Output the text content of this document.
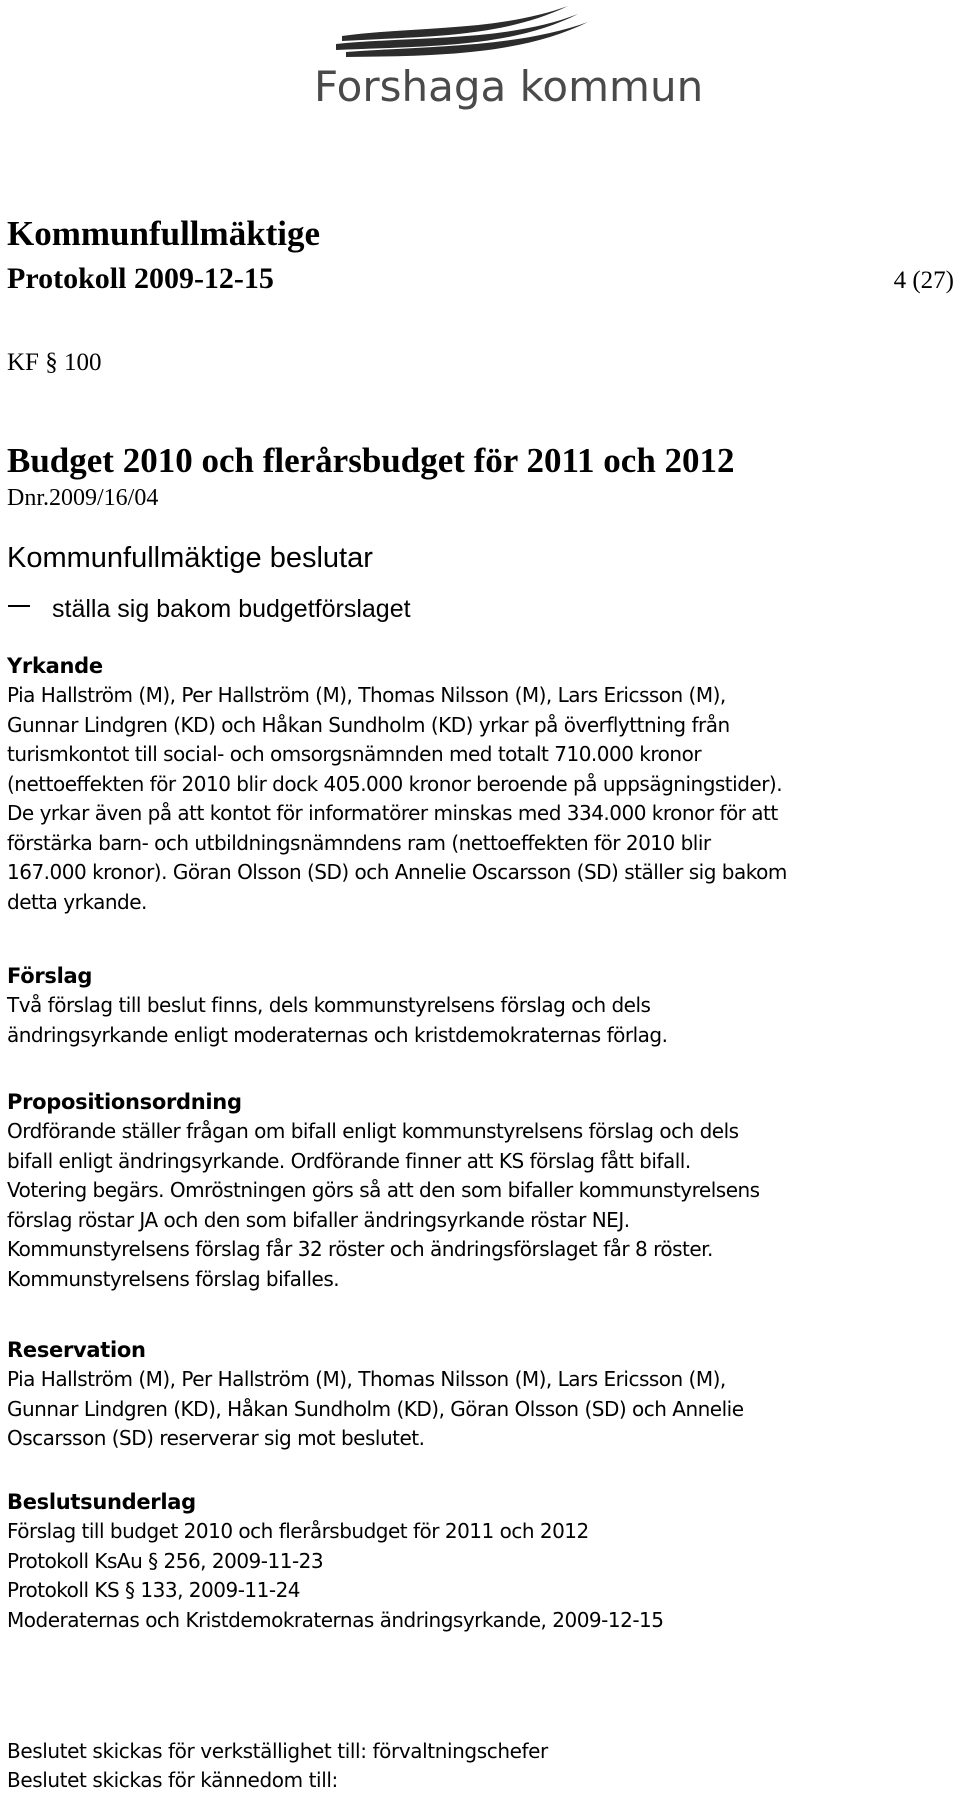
Forshaga kommun
Kommunfullmäktige
Protokoll 2009-12-15	4 (27)
KF § 100
Budget 2010 och flerårsbudget för 2011 och 2012
Dnr.2009/16/04
Kommunfullmäktige beslutar
ställa sig bakom budgetförslaget
Yrkande
Pia Hallström (M), Per Hallström (M), Thomas Nilsson (M), Lars Ericsson (M),
Gunnar Lindgren (KD) och Håkan Sundholm (KD) yrkar på överflyttning från
turismkontot till social- och omsorgsnämnden med totalt 710.000 kronor
(nettoeffekten för 2010 blir dock 405.000 kronor beroende på uppsägningstider).
De yrkar även på att kontot för informatörer minskas med 334.000 kronor för att
förstärka barn- och utbildningsnämndens ram (nettoeffekten för 2010 blir
167.000 kronor). Göran Olsson (SD) och Annelie Oscarsson (SD) ställer sig bakom
detta yrkande.
Förslag
Två förslag till beslut finns, dels kommunstyrelsens förslag och dels
ändringsyrkande enligt moderaternas och kristdemokraternas förlag.
Propositionsordning
Ordförande ställer frågan om bifall enligt kommunstyrelsens förslag och dels
bifall enligt ändringsyrkande. Ordförande finner att KS förslag fått bifall.
Votering begärs. Omröstningen görs så att den som bifaller kommunstyrelsens
förslag röstar JA och den som bifaller ändringsyrkande röstar NEJ.
Kommunstyrelsens förslag får 32 röster och ändringsförslaget får 8 röster.
Kommunstyrelsens förslag bifalles.
Reservation
Pia Hallström (M), Per Hallström (M), Thomas Nilsson (M), Lars Ericsson (M),
Gunnar Lindgren (KD), Håkan Sundholm (KD), Göran Olsson (SD) och Annelie
Oscarsson (SD) reserverar sig mot beslutet.
Beslutsunderlag
Förslag till budget 2010 och flerårsbudget för 2011 och 2012
Protokoll KsAu § 256, 2009-11-23
Protokoll KS § 133, 2009-11-24
Moderaternas och Kristdemokraternas ändringsyrkande, 2009-12-15
Beslutet skickas för verkställighet till: förvaltningschefer
Beslutet skickas för kännedom till:
